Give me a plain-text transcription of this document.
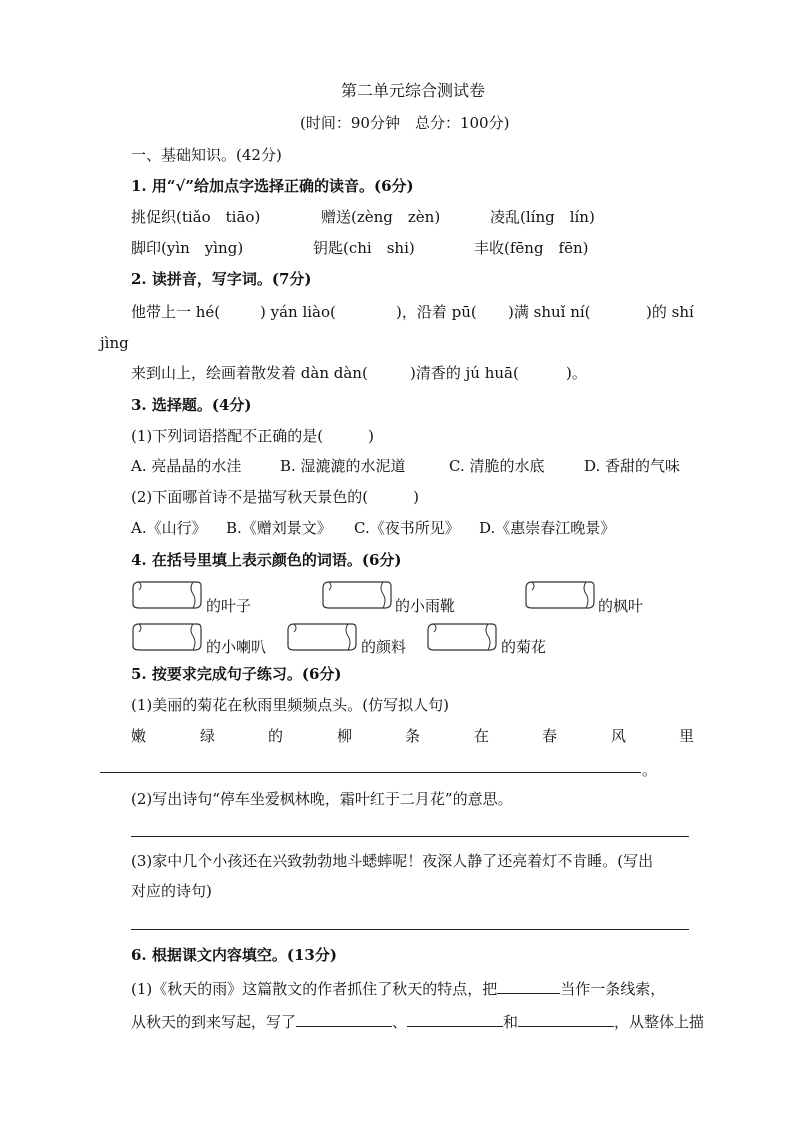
第二单元综合测试卷
(时间：90分钟　总分：100分)
一、基础知识。(42分)
1. 用“√”给加点字选择正确的读音。(6分)
挑促织(tiǎo　tiāo)	赠送(zèng　zèn)	凌乱(líng　lín)
脚印(yìn　yìng)	钥匙(chi　shi)	丰收(fēng　fēn)
2. 读拼音，写字词。(7分)
他带上一 hé(	) yán liào(	)，沿着 pū( )满 shuǐ ní(	)的 shí
jìng
来到山上，绘画着散发着 dàn dàn(	)清香的 jú huā(	)。
3. 选择题。(4分)
(1)下列词语搭配不正确的是(　　　)
A. 亮晶晶的水洼	B. 湿漉漉的水泥道	C. 清脆的水底	D. 香甜的气味
(2)下面哪首诗不是描写秋天景色的(　　　)
A.《山行》 B.《赠刘景文》 C.《夜书所见》 D.《惠崇春江晚景》
4. 在括号里填上表示颜色的词语。(6分)
的叶子	的小雨靴	的枫叶
的小喇叭	的颜料	的菊花
5. 按要求完成句子练习。(6分)
(1)美丽的菊花在秋雨里频频点头。(仿写拟人句)
嫩	绿	的	柳	条	在	春	风	里
。
(2)写出诗句“停车坐爱枫林晚，霜叶红于二月花”的意思。
(3)家中几个小孩还在兴致勃勃地斗蟋蟀呢！夜深人静了还亮着灯不肯睡。(写出
对应的诗句)
6. 根据课文内容填空。(13分)
(1)《秋天的雨》这篇散文的作者抓住了秋天的特点，把	当作一条线索，
从秋天的到来写起，写了	、	和	，从整体上描
